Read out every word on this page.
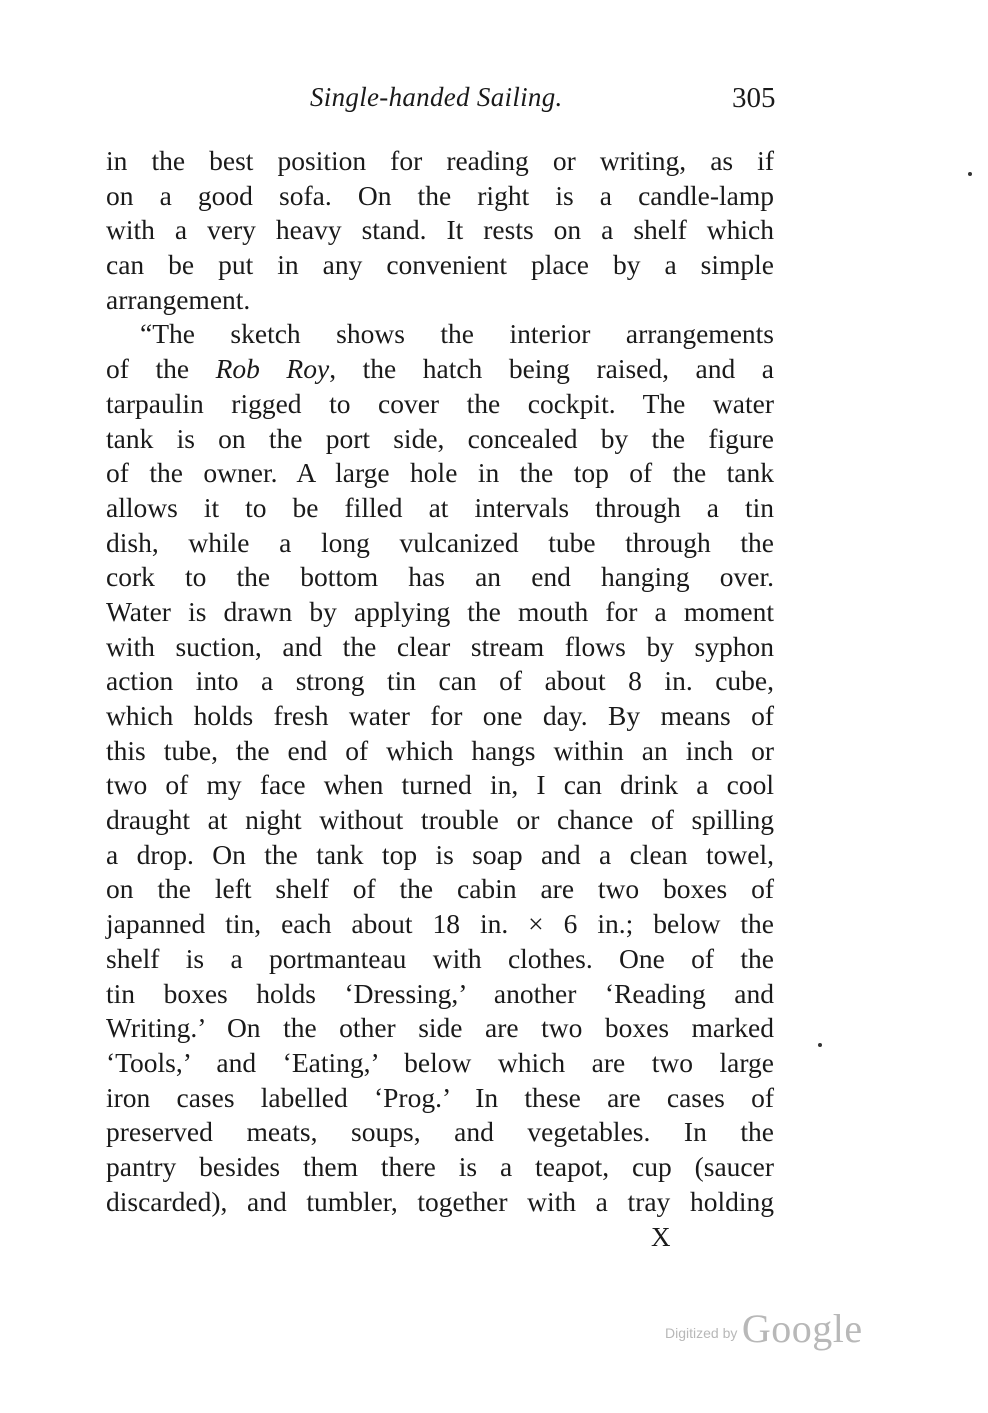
Single-handed Sailing.	305
in the best position for reading or writing, as if
on a good sofa. On the right is a candle-lamp
with a very heavy stand. It rests on a shelf which
can be put in any convenient place by a simple
arrangement.
“The sketch shows the interior arrangements
of the Rob Roy, the hatch being raised, and a
tarpaulin rigged to cover the cockpit. The water
tank is on the port side, concealed by the figure
of the owner. A large hole in the top of the tank
allows it to be filled at intervals through a tin
dish, while a long vulcanized tube through the
cork to the bottom has an end hanging over.
Water is drawn by applying the mouth for a moment
with suction, and the clear stream flows by syphon
action into a strong tin can of about 8 in. cube,
which holds fresh water for one day. By means of
this tube, the end of which hangs within an inch or
two of my face when turned in, I can drink a cool
draught at night without trouble or chance of spilling
a drop. On the tank top is soap and a clean towel,
on the left shelf of the cabin are two boxes of
japanned tin, each about 18 in. × 6 in.; below the
shelf is a portmanteau with clothes. One of the
tin boxes holds ‘Dressing,’ another ‘Reading and
Writing.’ On the other side are two boxes marked
‘Tools,’ and ‘Eating,’ below which are two large
iron cases labelled ‘Prog.’ In these are cases of
preserved meats, soups, and vegetables. In the
pantry besides them there is a teapot, cup (saucer
discarded), and tumbler, together with a tray holding
X
Digitized by Google
